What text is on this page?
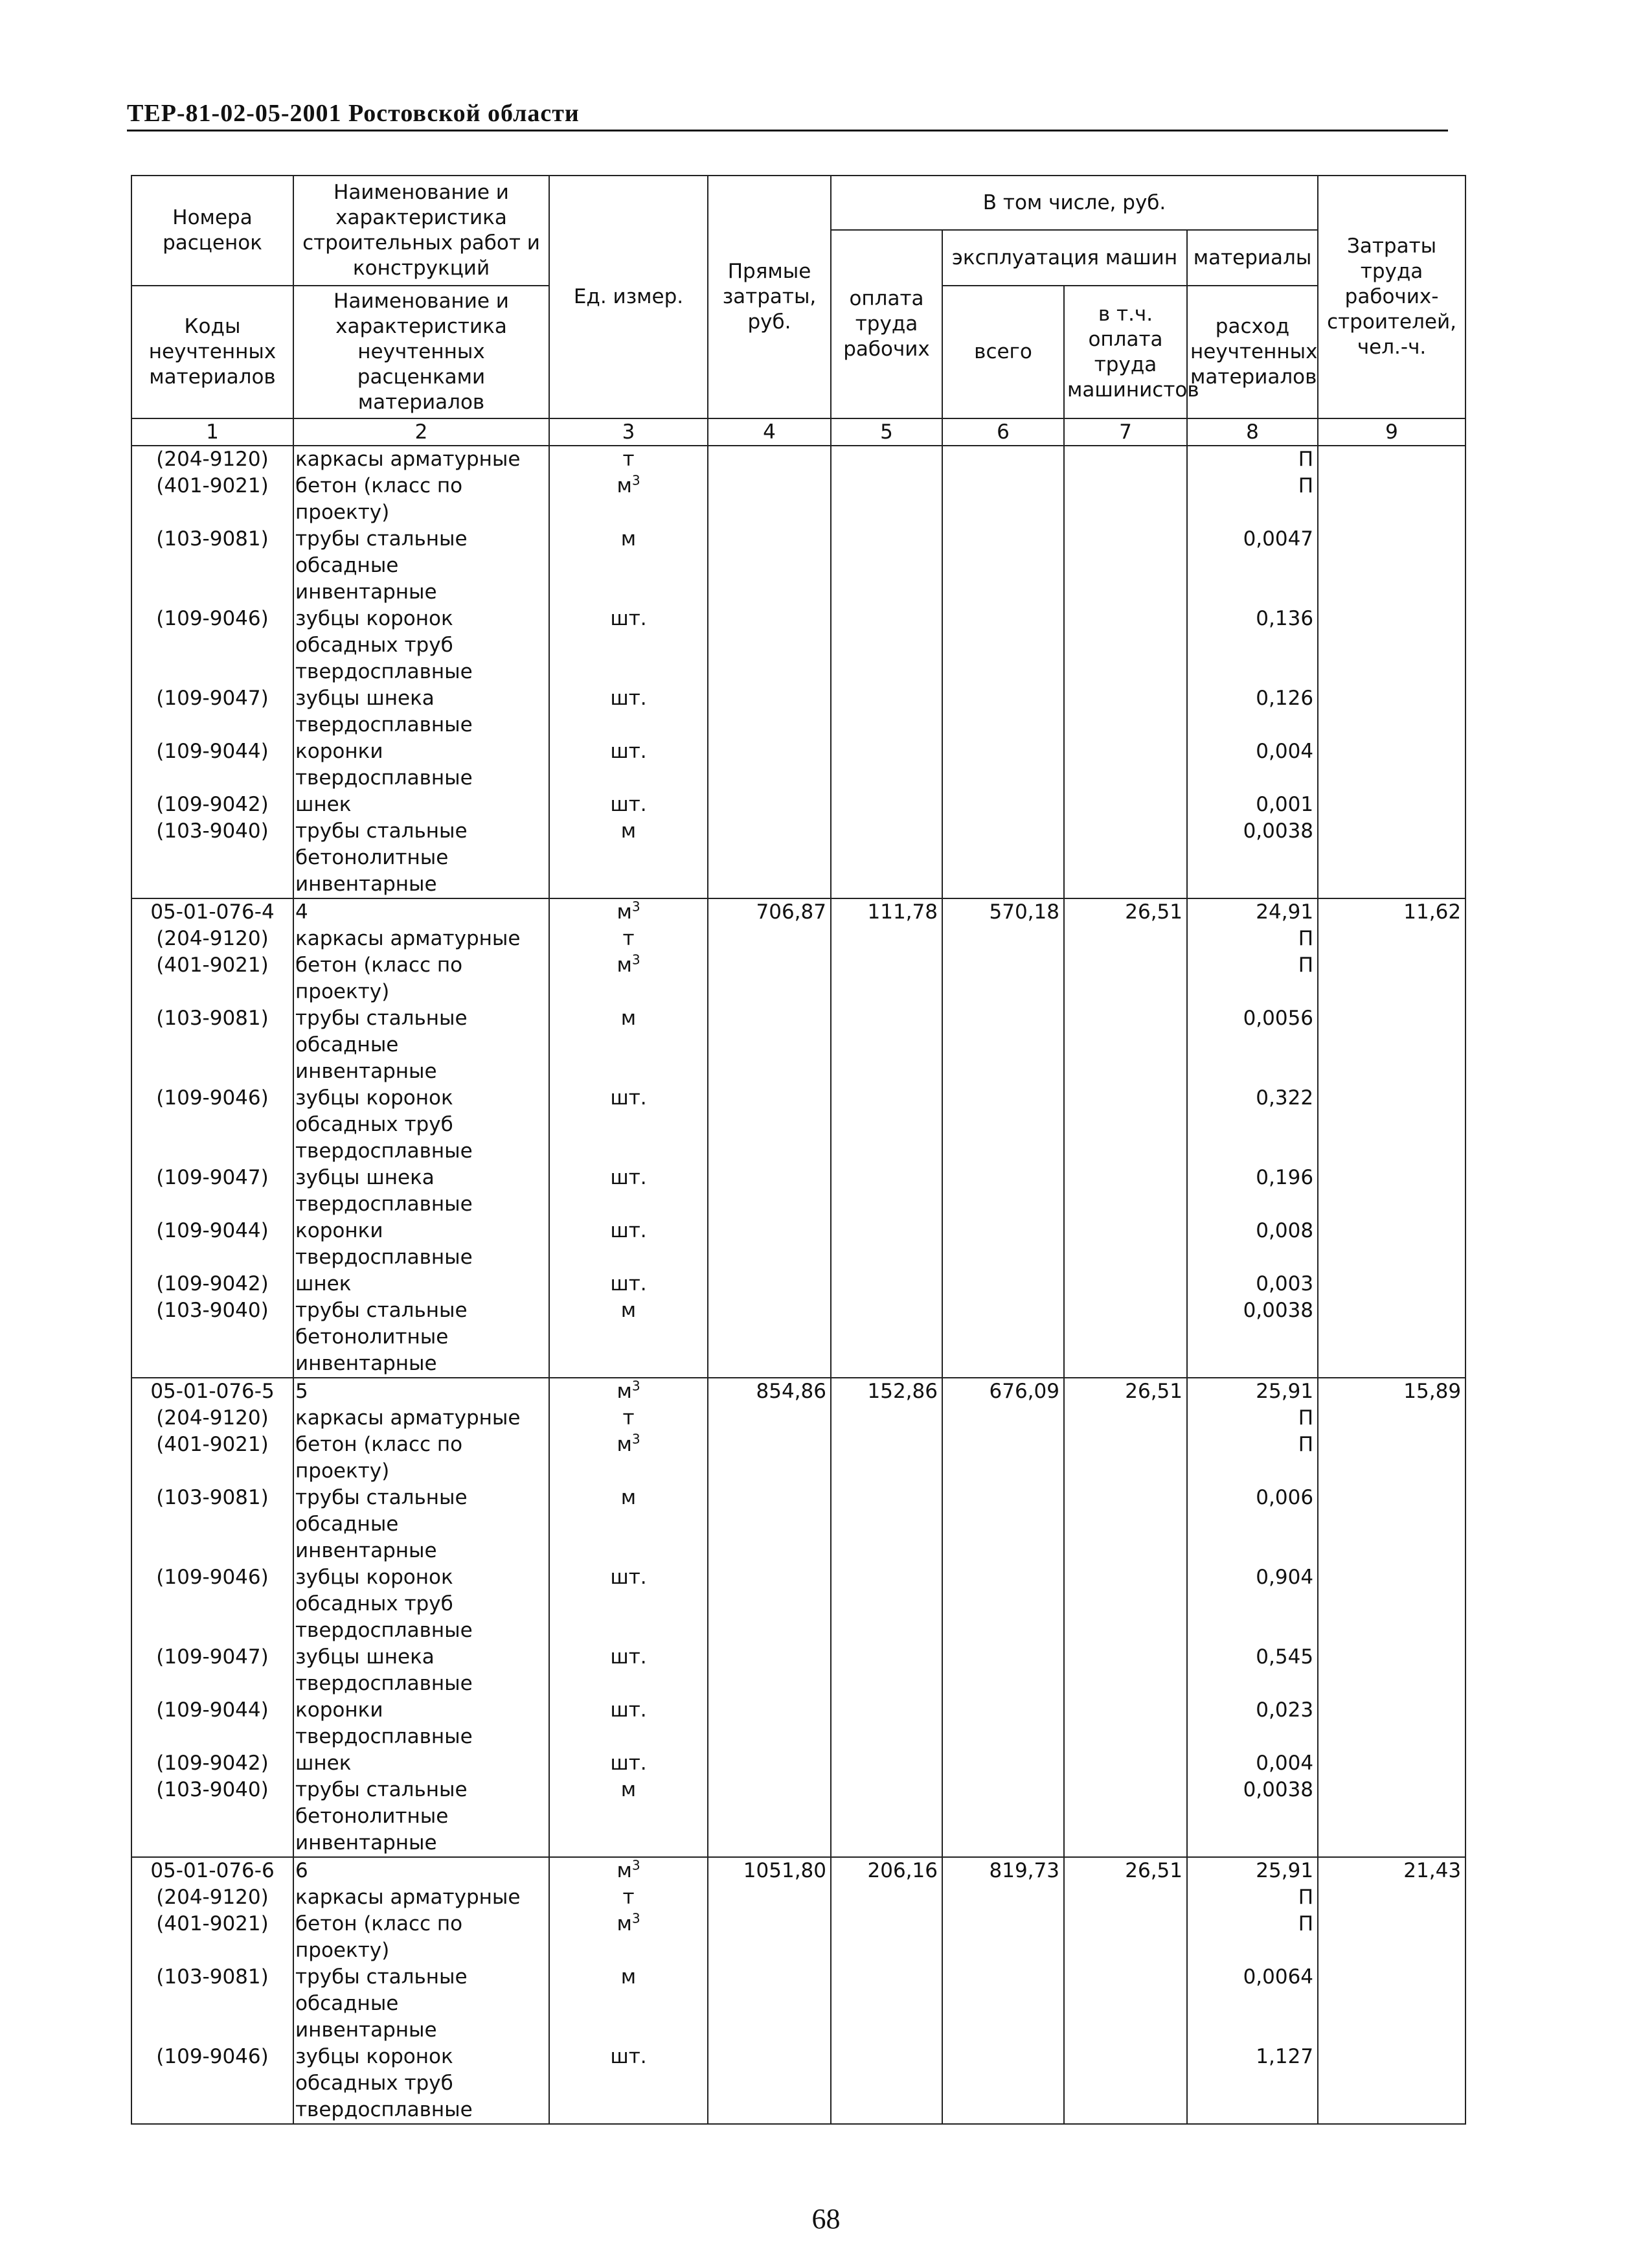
ТЕР-81-02-05-2001 Ростовской области
Номера расценок	Наименование и характеристика строительных работ и конструкций	Ед. измер.	Прямые затраты, руб.	В том числе, руб.				Затраты труда рабочих-строителей, чел.-ч.
				оплата труда рабочих	эксплуатация машин		материалы	
Коды неучтенных материалов	Наименование и характеристика неучтенных расценками материалов				всего	в т.ч. оплата труда машинистов	расход неучтенных материалов	

1	2	3	4	5	6	7	8	9
(204-9120)	каркасы арматурные	т					П	
(401-9021)	бетон (класс по проекту)	$м^3$					П	
(103-9081)	трубы стальные обсадные инвентарные	м					0,0047	
(109-9046)	зубцы коронок обсадных труб твердосплавные	шт.					0,136	
(109-9047)	зубцы шнека твердосплавные	шт.					0,126	
(109-9044)	коронки твердосплавные	шт.					0,004	
(109-9042)	шнек	шт.					0,001	
(103-9040)	трубы стальные бетонолитные инвентарные	м					0,0038	
05-01-076-4	4	$м^3$	706,87	111,78	570,18	26,51	24,91	11,62
(204-9120)	каркасы арматурные	т					П	
(401-9021)	бетон (класс по проекту)	$м^3$					П	
(103-9081)	трубы стальные обсадные инвентарные	м					0,0056	
(109-9046)	зубцы коронок обсадных труб твердосплавные	шт.					0,322	
(109-9047)	зубцы шнека твердосплавные	шт.					0,196	
(109-9044)	коронки твердосплавные	шт.					0,008	
(109-9042)	шнек	шт.					0,003	
(103-9040)	трубы стальные бетонолитные инвентарные	м					0,0038	
05-01-076-5	5	$м^3$	854,86	152,86	676,09	26,51	25,91	15,89
(204-9120)	каркасы арматурные	т					П	
(401-9021)	бетон (класс по проекту)	$м^3$					П	
(103-9081)	трубы стальные обсадные инвентарные	м					0,006	
(109-9046)	зубцы коронок обсадных труб твердосплавные	шт.					0,904	
(109-9047)	зубцы шнека твердосплавные	шт.					0,545	
(109-9044)	коронки твердосплавные	шт.					0,023	
(109-9042)	шнек	шт.					0,004	
(103-9040)	трубы стальные бетонолитные инвентарные	м					0,0038	
05-01-076-6	6	$м^3$	1051,80	206,16	819,73	26,51	25,91	21,43
(204-9120)	каркасы арматурные	т					П	
(401-9021)	бетон (класс по проекту)	$м^3$					П	
(103-9081)	трубы стальные обсадные инвентарные	м					0,0064	
(109-9046)	зубцы коронок обсадных труб твердосплавные	шт.					1,127	
68
